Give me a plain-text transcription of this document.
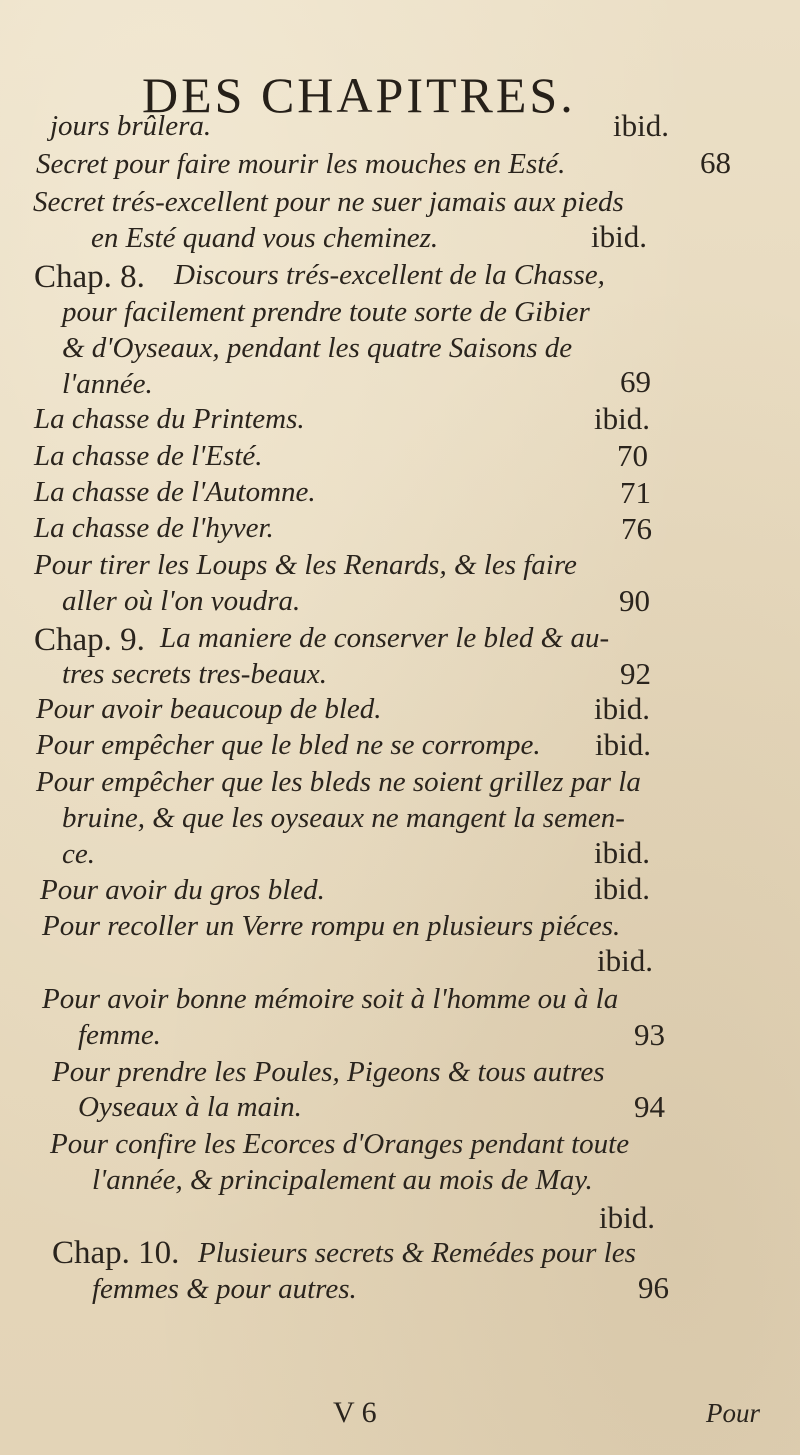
DES CHAPITRES.
jours brûlera.	ibid.
Secret pour faire mourir les mouches en Esté.	68
Secret trés-excellent pour ne suer jamais aux pieds
en Esté quand vous cheminez.	ibid.
Chap. 8. Discours trés-excellent de la Chasse,
pour facilement prendre toute sorte de Gibier
& d'Oyseaux, pendant les quatre Saisons de
l'année.	69
La chasse du Printems.	ibid.
La chasse de l'Esté.	70
La chasse de l'Automne.	71
La chasse de l'hyver.	76
Pour tirer les Loups & les Renards, & les faire
aller où l'on voudra.	90
Chap. 9. La maniere de conserver le bled & au-
tres secrets tres-beaux.	92
Pour avoir beaucoup de bled.	ibid.
Pour empêcher que le bled ne se corrompe. ibid.
Pour empêcher que les bleds ne soient grillez par la
bruine, & que les oyseaux ne mangent la semen-
ce.	ibid.
Pour avoir du gros bled.	ibid.
Pour recoller un Verre rompu en plusieurs piéces.
ibid.
Pour avoir bonne mémoire soit à l'homme ou à la
femme.	93
Pour prendre les Poules, Pigeons & tous autres
Oyseaux à la main.	94
Pour confire les Ecorces d'Oranges pendant toute
l'année, & principalement au mois de May.
ibid.
Chap. 10. Plusieurs secrets & Remédes pour les
femmes & pour autres.	96
V 6	Pour
